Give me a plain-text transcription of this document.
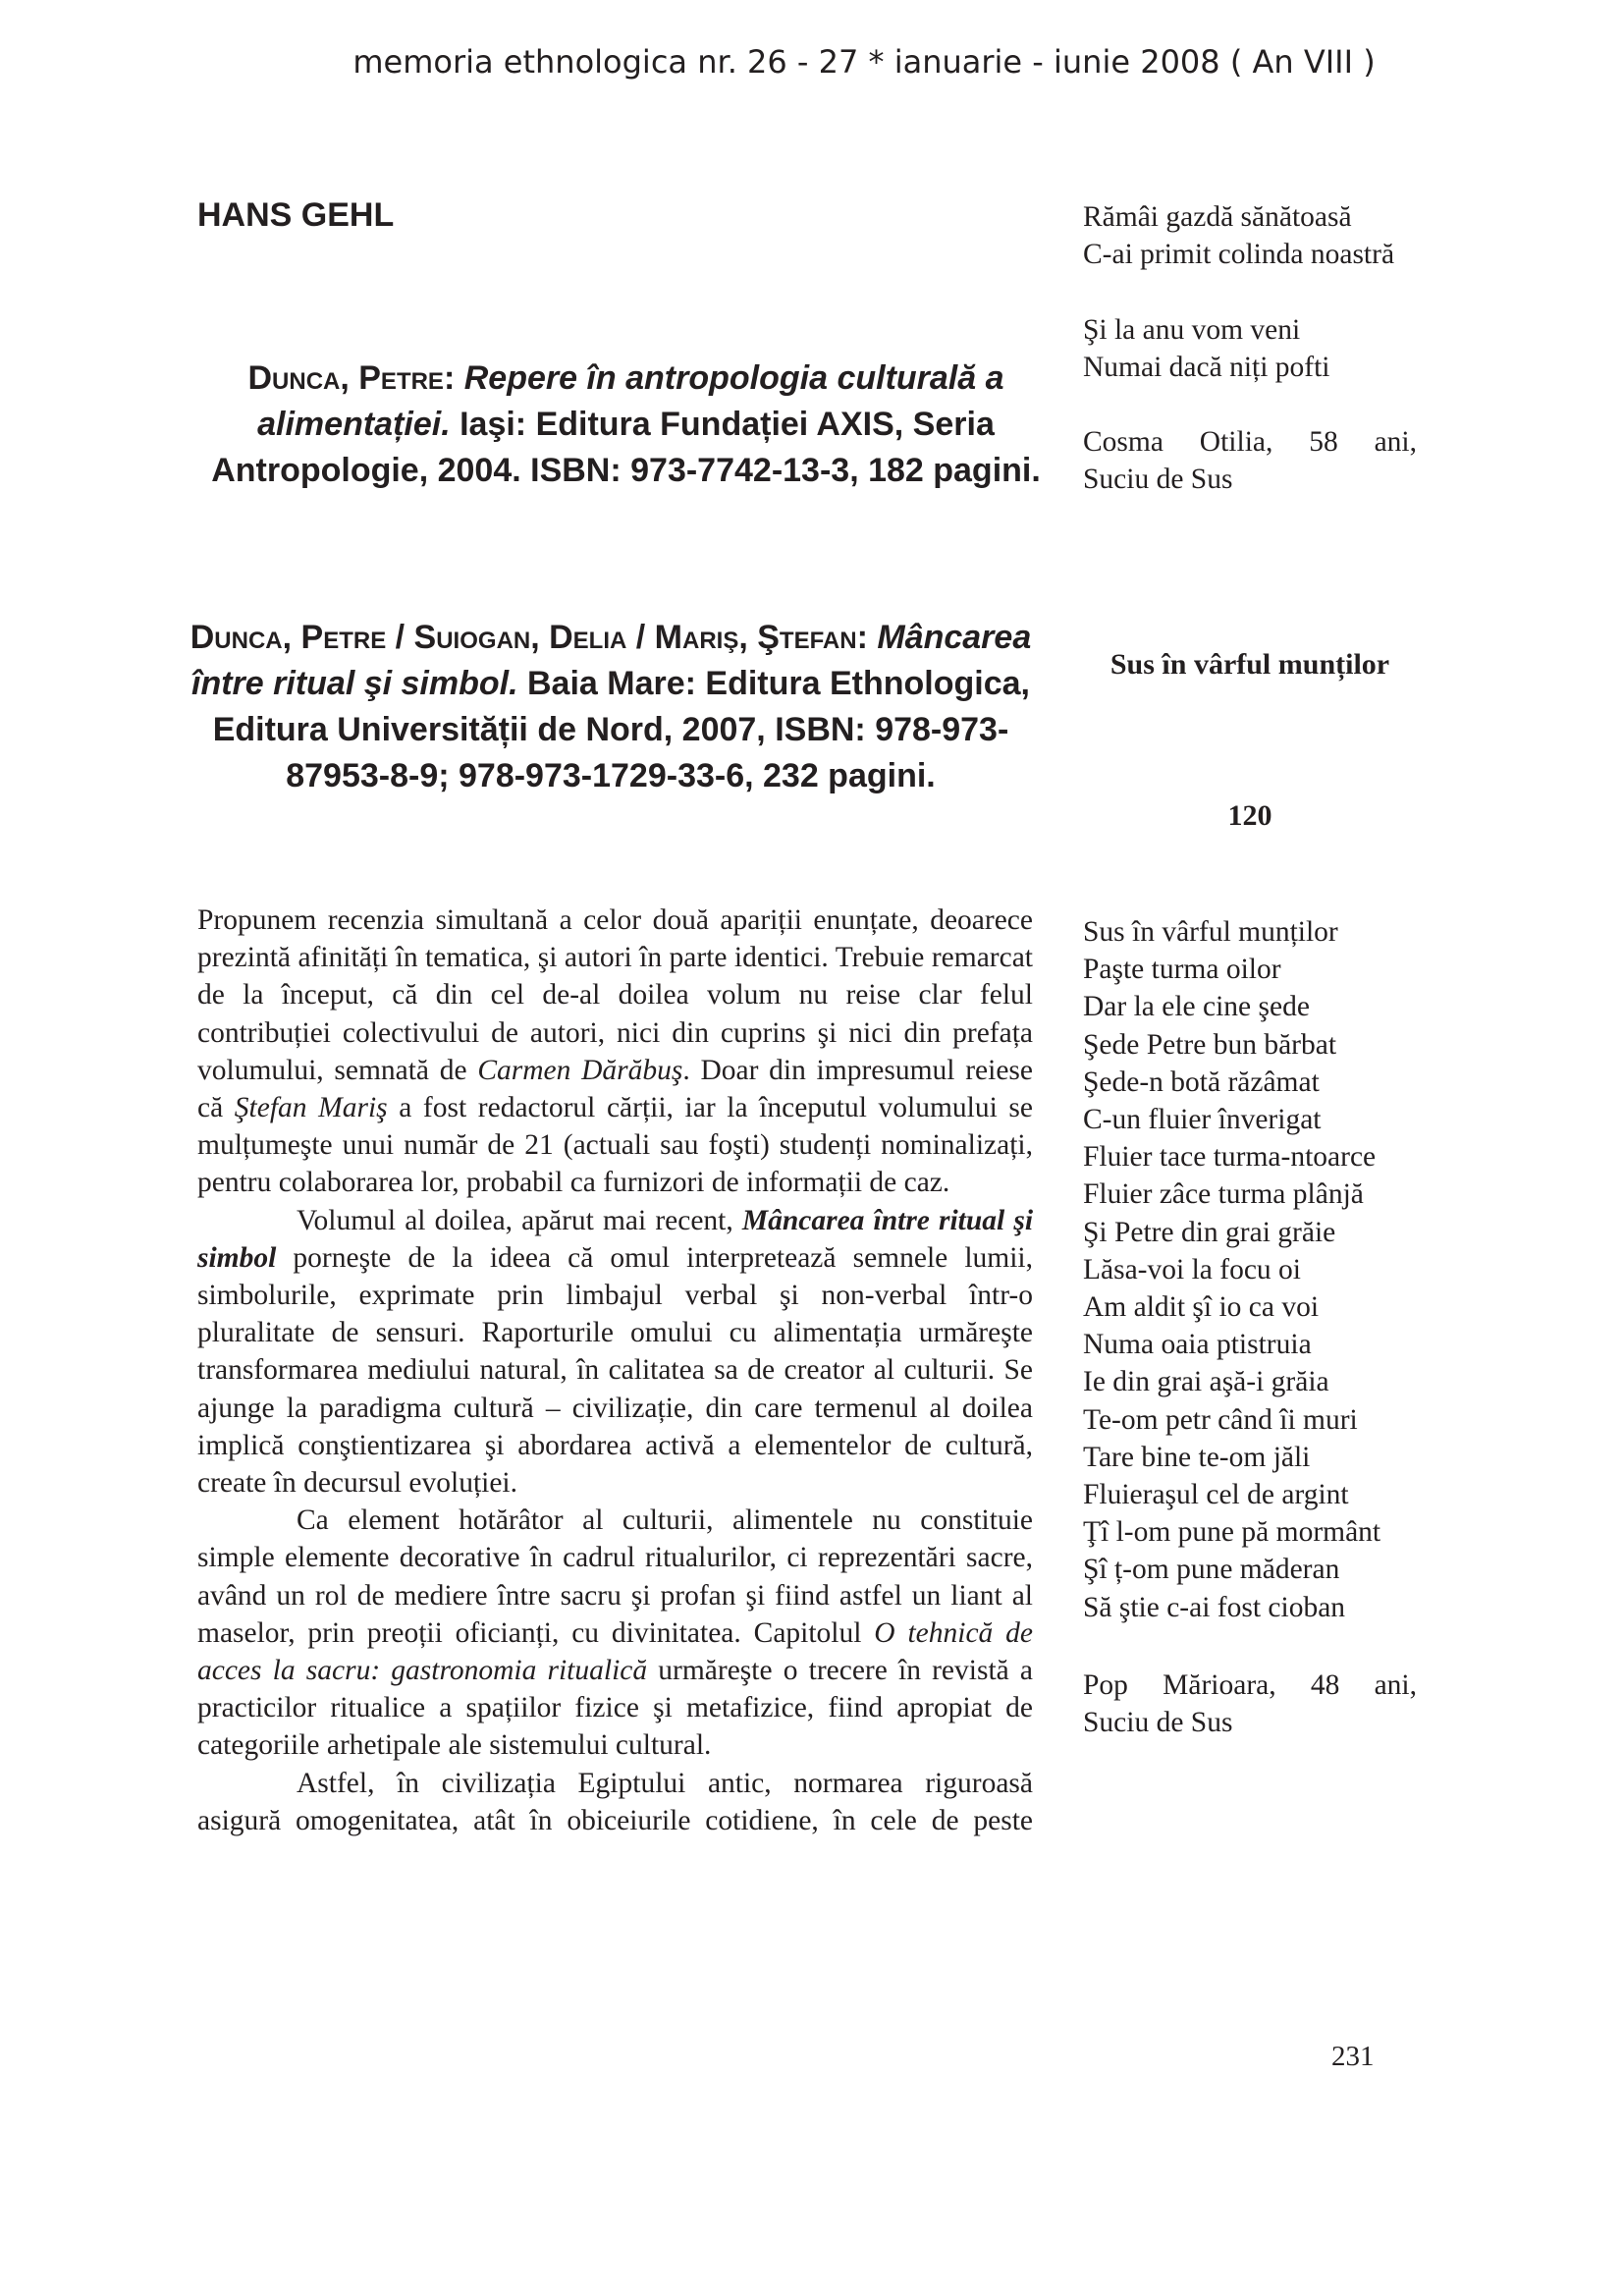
memoria ethnologica nr. 26 - 27 * ianuarie - iunie 2008 ( An VIII )
HANS GEHL
Dunca, Petre: Repere în antropologia culturală a alimentației. Iaşi: Editura Fundației AXIS, Seria Antropologie, 2004. ISBN: 973-7742-13-3, 182 pagini.
Dunca, Petre / Suiogan, Delia / Mariş, Ştefan: Mâncarea între ritual şi simbol. Baia Mare: Editura Ethnologica, Editura Universității de Nord, 2007, ISBN: 978-973-87953-8-9; 978-973-1729-33-6, 232 pagini.

Propunem recenzia simultană a celor două apariții enunțate, deoarece prezintă afinități în tematica, şi autori în parte identici. Trebuie remarcat de la început, că din cel de-al doilea volum nu reise clar felul contribuției colectivului de autori, nici din cuprins şi nici din prefața volumului, semnată de Carmen Dărăbuş. Doar din impresumul reiese că Ştefan Mariş a fost redactorul cărții, iar la începutul volumului se mulțumeşte unui număr de 21 (actuali sau foşti) studenți nominalizați, pentru colaborarea lor, probabil ca furnizori de informații de caz.

Volumul al doilea, apărut mai recent, Mâncarea între ritual şi simbol porneşte de la ideea că omul interpretează semnele lumii, simbolurile, exprimate prin limbajul verbal şi non-verbal într-o pluralitate de sensuri. Raporturile omului cu alimentația urmăreşte transformarea mediului natural, în calitatea sa de creator al culturii. Se ajunge la paradigma cultură – civilizație, din care termenul al doilea implică conştientizarea şi abordarea activă a elementelor de cultură, create în decursul evoluției.

Ca element hotărâtor al culturii, alimentele nu constituie simple elemente decorative în cadrul ritualurilor, ci reprezentări sacre, având un rol de mediere între sacru şi profan şi fiind astfel un liant al maselor, prin preoții oficianți, cu divinitatea. Capitolul O tehnică de acces la sacru: gastronomia ritualică urmăreşte o trecere în revistă a practicilor ritualice a spațiilor fizice şi metafizice, fiind apropiat de categoriile arhetipale ale sistemului cultural.

Astfel, în civilizația Egiptului antic, normarea riguroasă asigură omogenitatea, atât în obiceiurile cotidiene, în cele de peste

Rămâi gazdă sănătoasă
C-ai primit colinda noastră
Şi la anu vom veni
Numai dacă niți pofti
Cosma Otilia, 58 ani,
Suciu de Sus
Sus în vârful munților
120
Sus în vârful munților
Paşte turma oilor
Dar la ele cine şede
Şede Petre bun bărbat
Şede-n botă răzâmat
C-un fluier înverigat
Fluier tace turma-ntoarce
Fluier zâce turma plânjă
Şi Petre din grai grăie
Lăsa-voi la focu oi
Am aldit şî io ca voi
Numa oaia ptistruia
Ie din grai aşă-i grăia
Te-om petr când îi muri
Tare bine te-om jăli
Fluieraşul cel de argint
Ţî l-om pune pă mormânt
Şî ț-om pune măderan
Să ştie c-ai fost cioban
Pop Mărioara, 48 ani,
Suciu de Sus
231
